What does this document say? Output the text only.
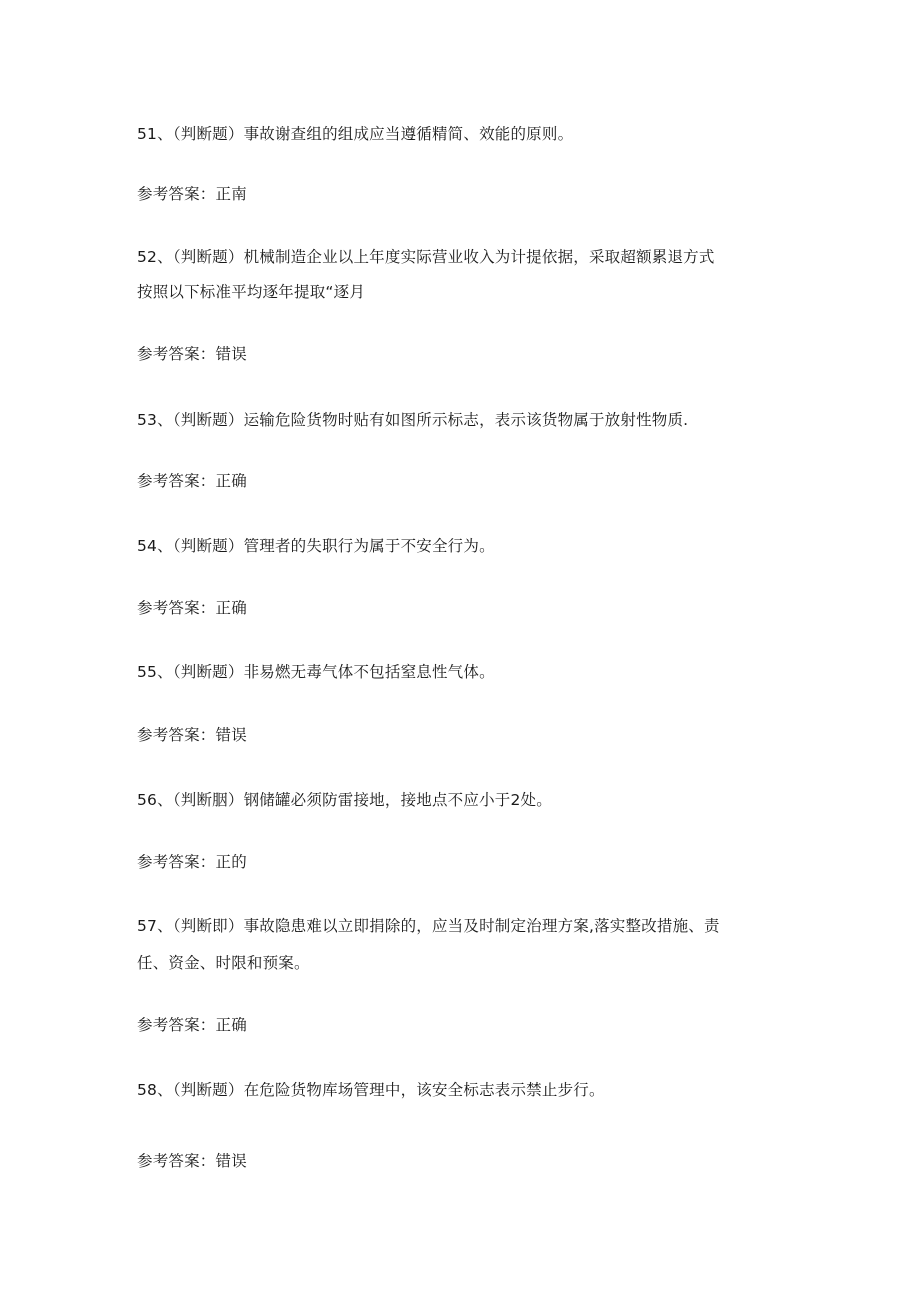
51、（判断题）事故谢查组的组成应当遵循精简、效能的原则。
参考答案：正南
52、（判断题）机械制造企业以上年度实际营业收入为计提依据，采取超额累退方式
按照以下标准平均逐年提取“逐月
参考答案：错误
53、（判断题）运输危险货物时贴有如图所示标志，表示该货物属于放射性物质.
参考答案：正确
54、（判断题）管理者的失职行为属于不安全行为。
参考答案：正确
55、（判断题）非易燃无毒气体不包括窒息性气体。
参考答案：错误
56、（判断胭）钢储罐必须防雷接地，接地点不应小于2处。
参考答案：正的
57、（判断即）事故隐患难以立即捐除的，应当及时制定治理方案,落实整改措施、责
任、资金、时限和预案。
参考答案：正确
58、（判断题）在危险货物库场管理中，该安全标志表示禁止步行。
参考答案：错误
